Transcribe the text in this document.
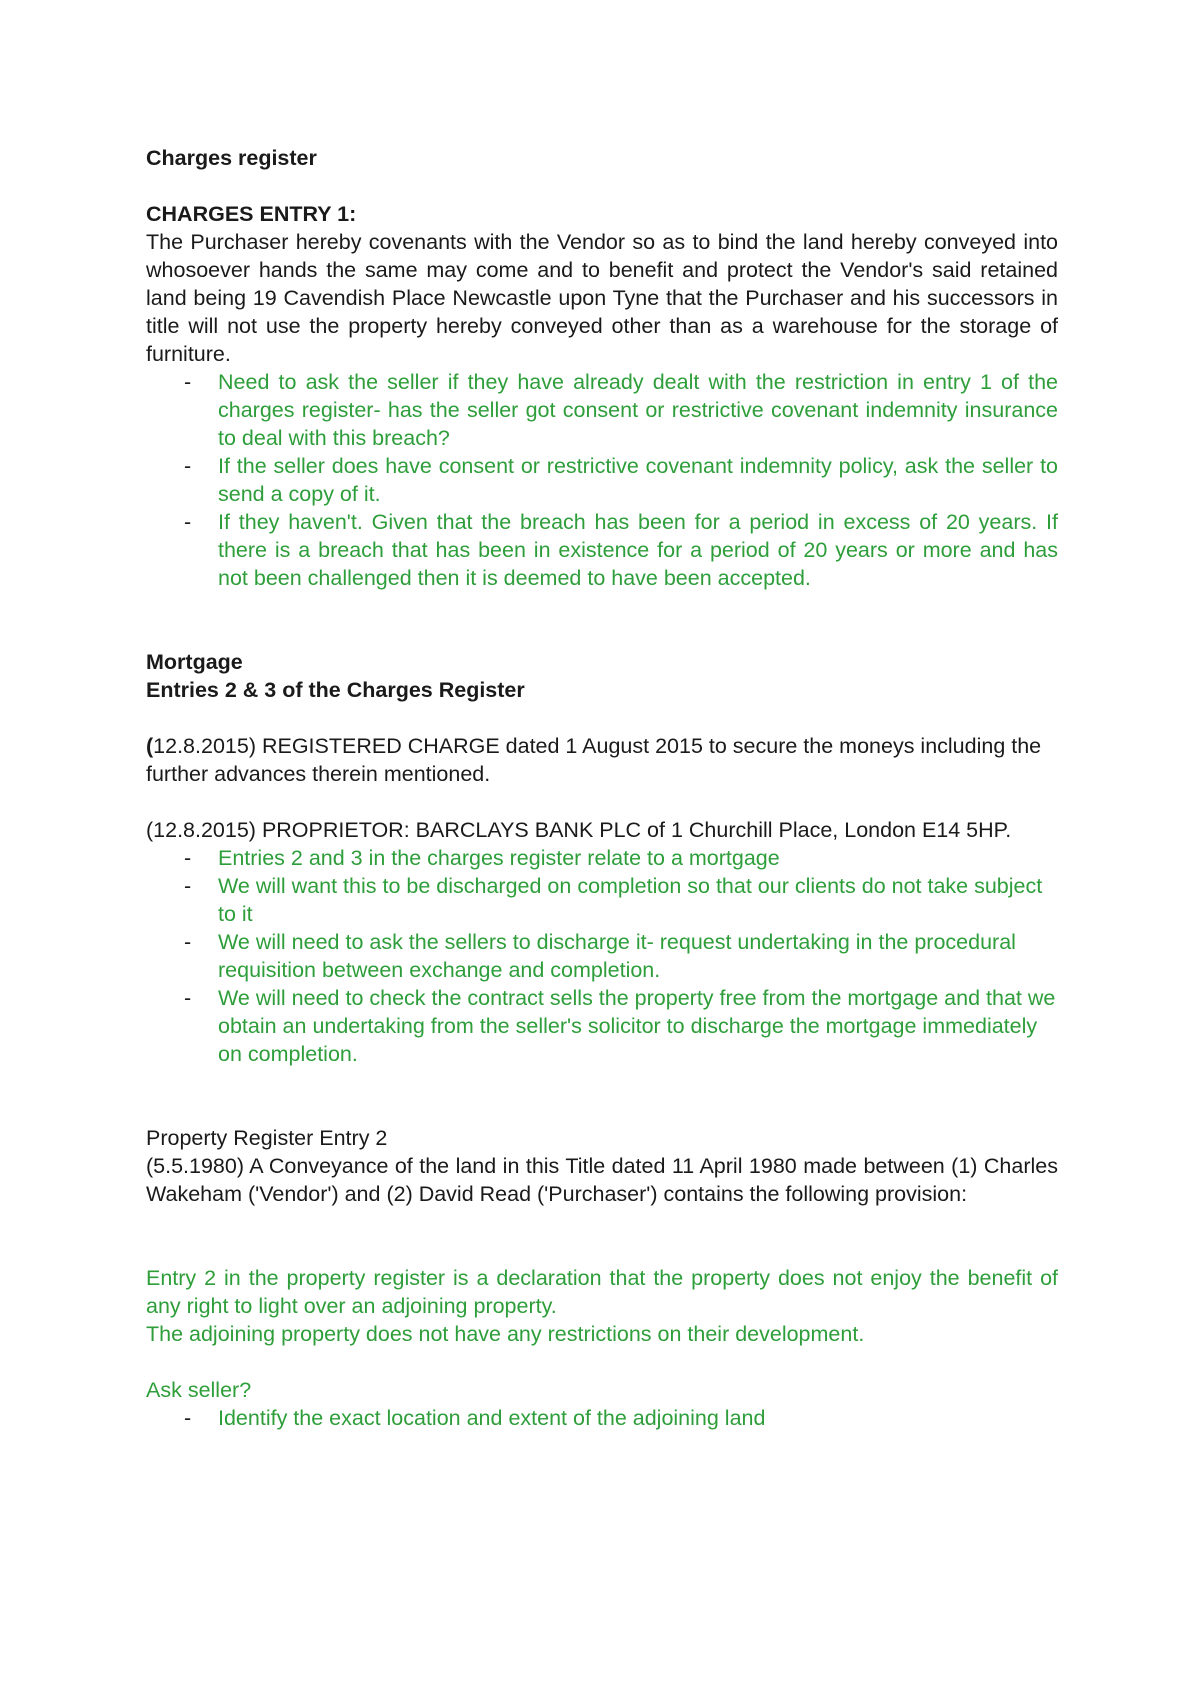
Charges register

CHARGES ENTRY 1:

The Purchaser hereby covenants with the Vendor so as to bind the land hereby conveyed into whosoever hands the same may come and to benefit and protect the Vendor's said retained land being 19 Cavendish Place Newcastle upon Tyne that the Purchaser and his successors in title will not use the property hereby conveyed other than as a warehouse for the storage of furniture.

- Need to ask the seller if they have already dealt with the restriction in entry 1 of the charges register- has the seller got consent or restrictive covenant indemnity insurance to deal with this breach?
- If the seller does have consent or restrictive covenant indemnity policy, ask the seller to send a copy of it.
- If they haven't. Given that the breach has been for a period in excess of 20 years. If there is a breach that has been in existence for a period of 20 years or more and has not been challenged then it is deemed to have been accepted.

Mortgage

Entries 2 & 3 of the Charges Register

(12.8.2015) REGISTERED CHARGE dated 1 August 2015 to secure the moneys including the further advances therein mentioned.

(12.8.2015) PROPRIETOR: BARCLAYS BANK PLC of 1 Churchill Place, London E14 5HP.

- Entries 2 and 3 in the charges register relate to a mortgage
- We will want this to be discharged on completion so that our clients do not take subject to it
- We will need to ask the sellers to discharge it- request undertaking in the procedural requisition between exchange and completion.
- We will need to check the contract sells the property free from the mortgage and that we obtain an undertaking from the seller's solicitor to discharge the mortgage immediately on completion.

Property Register Entry 2

(5.5.1980) A Conveyance of the land in this Title dated 11 April 1980 made between (1) Charles Wakeham ('Vendor') and (2) David Read ('Purchaser') contains the following provision:

Entry 2 in the property register is a declaration that the property does not enjoy the benefit of any right to light over an adjoining property.

The adjoining property does not have any restrictions on their development.

Ask seller?

- Identify the exact location and extent of the adjoining land
